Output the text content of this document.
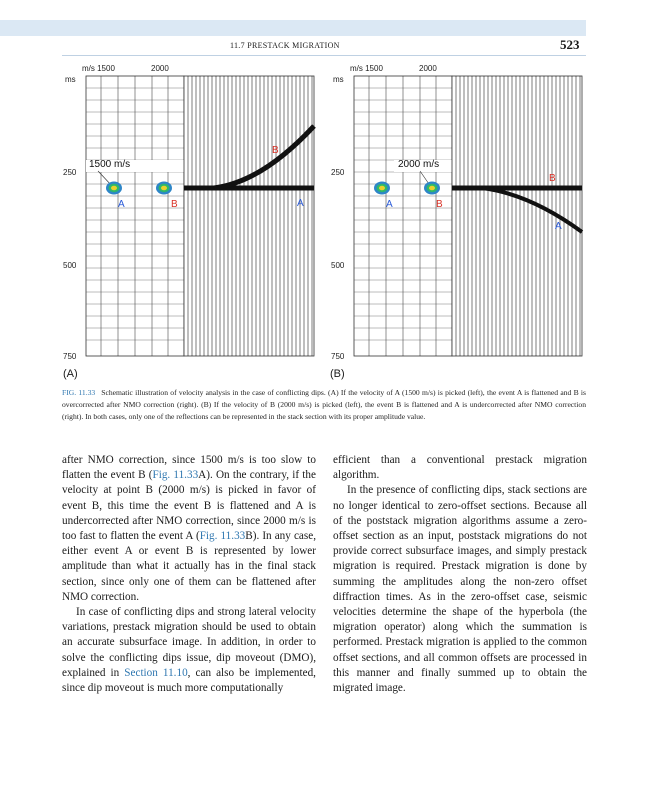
11.7 PRESTACK MIGRATION	523
m/s 1500	2000
ms
250
500
750
1500 m/s
A	B
B
A
m/s 1500	2000
ms
250
500
750
2000 m/s
A	B
B
A
(A)	(B)
FIG. 11.33 Schematic illustration of velocity analysis in the case of conflicting dips. (A) If the velocity of A (1500 m/s) is picked (left), the event A is flattened and B is overcorrected after NMO correction (right). (B) If the velocity of B (2000 m/s) is picked (left), the event B is flattened and A is undercorrected after NMO correction (right). In both cases, only one of the reflections can be represented in the stack section with its proper amplitude value.

after NMO correction, since 1500 m/s is too slow to flatten the event B (Fig. 11.33A). On the contrary, if the velocity at point B (2000 m/s) is picked in favor of event B, this time the event B is flattened and A is undercorrected after NMO correction, since 2000 m/s is too fast to flatten the event A (Fig. 11.33B). In any case, either event A or event B is represented by lower amplitude than what it actually has in the final stack section, since only one of them can be flattened after NMO correction.

In case of conflicting dips and strong lateral velocity variations, prestack migration should be used to obtain an accurate subsurface image. In addition, in order to solve the conflicting dips issue, dip moveout (DMO), explained in Section 11.10, can also be implemented, since dip moveout is much more computationally

efficient than a conventional prestack migration algorithm.

In the presence of conflicting dips, stack sections are no longer identical to zero-offset sections. Because all of the poststack migration algorithms assume a zero-offset section as an input, poststack migrations do not provide correct subsurface images, and simply prestack migration is required. Prestack migration is done by summing the amplitudes along the non-zero offset diffraction times. As in the zero-offset case, seismic velocities determine the shape of the hyperbola (the migration operator) along which the summation is performed. Prestack migration is applied to the common offset sections, and all common offsets are processed in this manner and finally summed up to obtain the migrated image.
